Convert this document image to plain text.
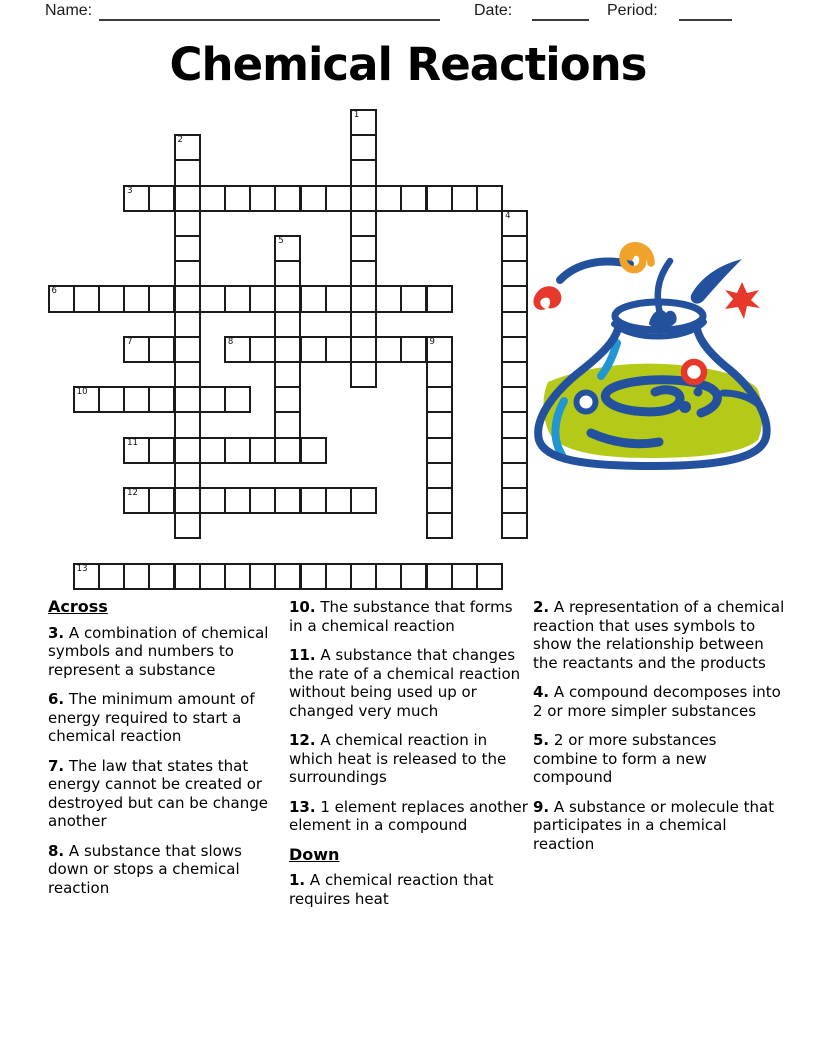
Name:	Date:	Period:
Chemical Reactions
1
2
3
4
5
6
7	8	9
10
11
12
13
Across

3. A combination of chemical symbols and numbers to represent a substance

6. The minimum amount of energy required to start a chemical reaction

7. The law that states that energy cannot be created or destroyed but can be change another

8. A substance that slows down or stops a chemical reaction

10. The substance that forms in a chemical reaction

11. A substance that changes the rate of a chemical reaction without being used up or changed very much

12. A chemical reaction in which heat is released to the surroundings

13. 1 element replaces another element in a compound

Down

1. A chemical reaction that requires heat

2. A representation of a chemical reaction that uses symbols to show the relationship between the reactants and the products

4. A compound decomposes into 2 or more simpler substances

5. 2 or more substances combine to form a new compound

9. A substance or molecule that participates in a chemical reaction
